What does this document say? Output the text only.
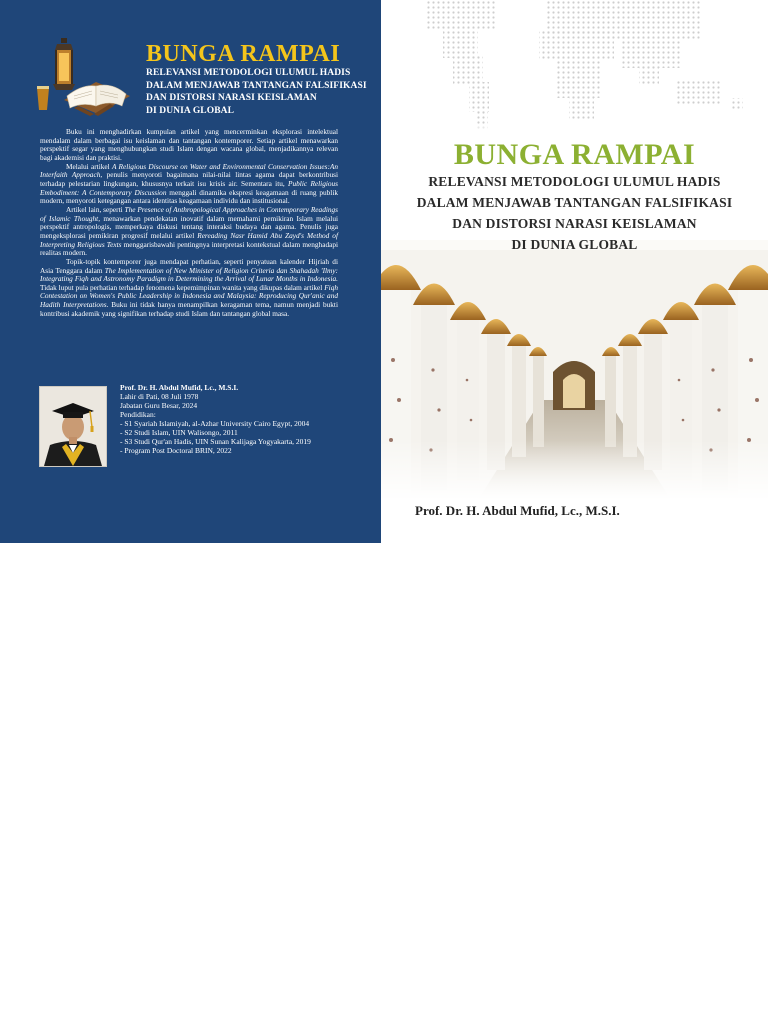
BUNGA RAMPAI
RELEVANSI METODOLOGI ULUMUL HADIS
DALAM MENJAWAB TANTANGAN FALSIFIKASI
DAN DISTORSI NARASI KEISLAMAN
DI DUNIA GLOBAL

Buku ini menghadirkan kumpulan artikel yang mencerminkan eksplorasi intelektual mendalam dalam berbagai isu keislaman dan tantangan kontemporer. Setiap artikel menawarkan perspektif segar yang menghubungkan studi Islam dengan wacana global, menjadikannya relevan bagi akademisi dan praktisi.

Melalui artikel A Religious Discourse on Water and Environmental Conservation Issues:An Interfaith Approach, penulis menyoroti bagaimana nilai-nilai lintas agama dapat berkontribusi terhadap pelestarian lingkungan, khususnya terkait isu krisis air. Sementara itu, Public Religious Embodiment: A Contemporary Discussion menggali dinamika ekspresi keagamaan di ruang publik modern, menyoroti ketegangan antara identitas keagamaan individu dan institusional.

Artikel lain, seperti The Presence of Anthropological Approaches in Contemporary Readings of Islamic Thought, menawarkan pendekatan inovatif dalam memahami pemikiran Islam melalui perspektif antropologis, memperkaya diskusi tentang interaksi budaya dan agama. Penulis juga mengeksplorasi pemikiran progresif melalui artikel Rereading Nasr Hamid Abu Zayd's Method of Interpreting Religious Texts menggarisbawahi pentingnya interpretasi kontekstual dalam menghadapi realitas modern.

Topik-topik kontemporer juga mendapat perhatian, seperti penyatuan kalender Hijriah di Asia Tenggara dalam The Implementation of New Minister of Religion Criteria dan Shahadah 'Ilmy: Integrating Fiqh and Astronomy Paradigm in Determining the Arrival of Lunar Months in Indonesia. Tidak luput pula perhatian terhadap fenomena kepemimpinan wanita yang dikupas dalam artikel Fiqh Contestation on Women's Public Leadership in Indonesia and Malaysia: Reproducing Qur'anic and Hadith Interpretations. Buku ini tidak hanya menampilkan keragaman tema, namun menjadi bukti kontribusi akademik yang signifikan terhadap studi Islam dan tantangan global masa.

Prof. Dr. H. Abdul Mufid, Lc., M.S.I.
Lahir di Pati, 08 Juli 1978
Jabatan Guru Besar, 2024
Pendidikan:
- S1 Syariah Islamiyah, al-Azhar University Cairo Egypt, 2004
- S2 Studi Islam, UIN Walisongo, 2011
- S3 Studi Qur'an Hadis, UIN Sunan Kalijaga Yogyakarta, 2019
- Program Post Doctoral BRIN, 2022
BUNGA RAMPAI
RELEVANSI METODOLOGI ULUMUL HADIS
DALAM MENJAWAB TANTANGAN FALSIFIKASI
DAN DISTORSI NARASI KEISLAMAN
DI DUNIA GLOBAL
Prof. Dr. H. Abdul Mufid, Lc., M.S.I.
